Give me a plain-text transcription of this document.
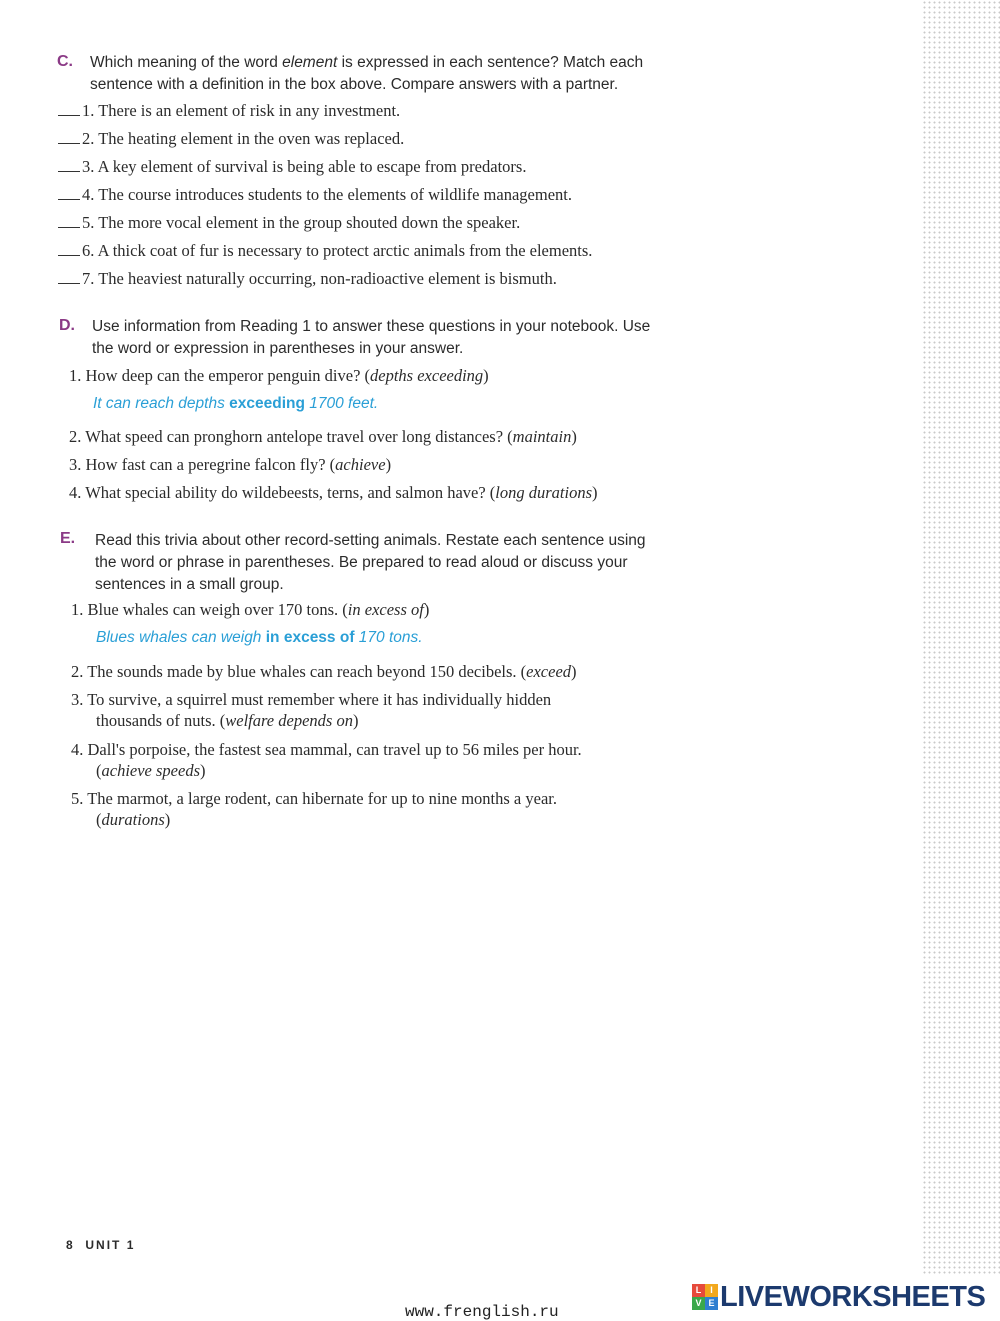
C. Which meaning of the word element is expressed in each sentence? Match each
sentence with a definition in the box above. Compare answers with a partner.
1. There is an element of risk in any investment.
2. The heating element in the oven was replaced.
3. A key element of survival is being able to escape from predators.
4. The course introduces students to the elements of wildlife management.
5. The more vocal element in the group shouted down the speaker.
6. A thick coat of fur is necessary to protect arctic animals from the elements.
7. The heaviest naturally occurring, non-radioactive element is bismuth.
D. Use information from Reading 1 to answer these questions in your notebook. Use
the word or expression in parentheses in your answer.
1. How deep can the emperor penguin dive? (depths exceeding)
It can reach depths exceeding 1700 feet.
2. What speed can pronghorn antelope travel over long distances? (maintain)
3. How fast can a peregrine falcon fly? (achieve)
4. What special ability do wildebeests, terns, and salmon have? (long durations)
E. Read this trivia about other record-setting animals. Restate each sentence using
the word or phrase in parentheses. Be prepared to read aloud or discuss your
sentences in a small group.
1. Blue whales can weigh over 170 tons. (in excess of)
Blues whales can weigh in excess of 170 tons.
2. The sounds made by blue whales can reach beyond 150 decibels. (exceed)
3. To survive, a squirrel must remember where it has individually hidden
thousands of nuts. (welfare depends on)
4. Dall's porpoise, the fastest sea mammal, can travel up to 56 miles per hour.
(achieve speeds)
5. The marmot, a large rodent, can hibernate for up to nine months a year.
(durations)
8 UNIT 1
www.frenglish.ru
L I
V E LIVEWORKSHEETS
